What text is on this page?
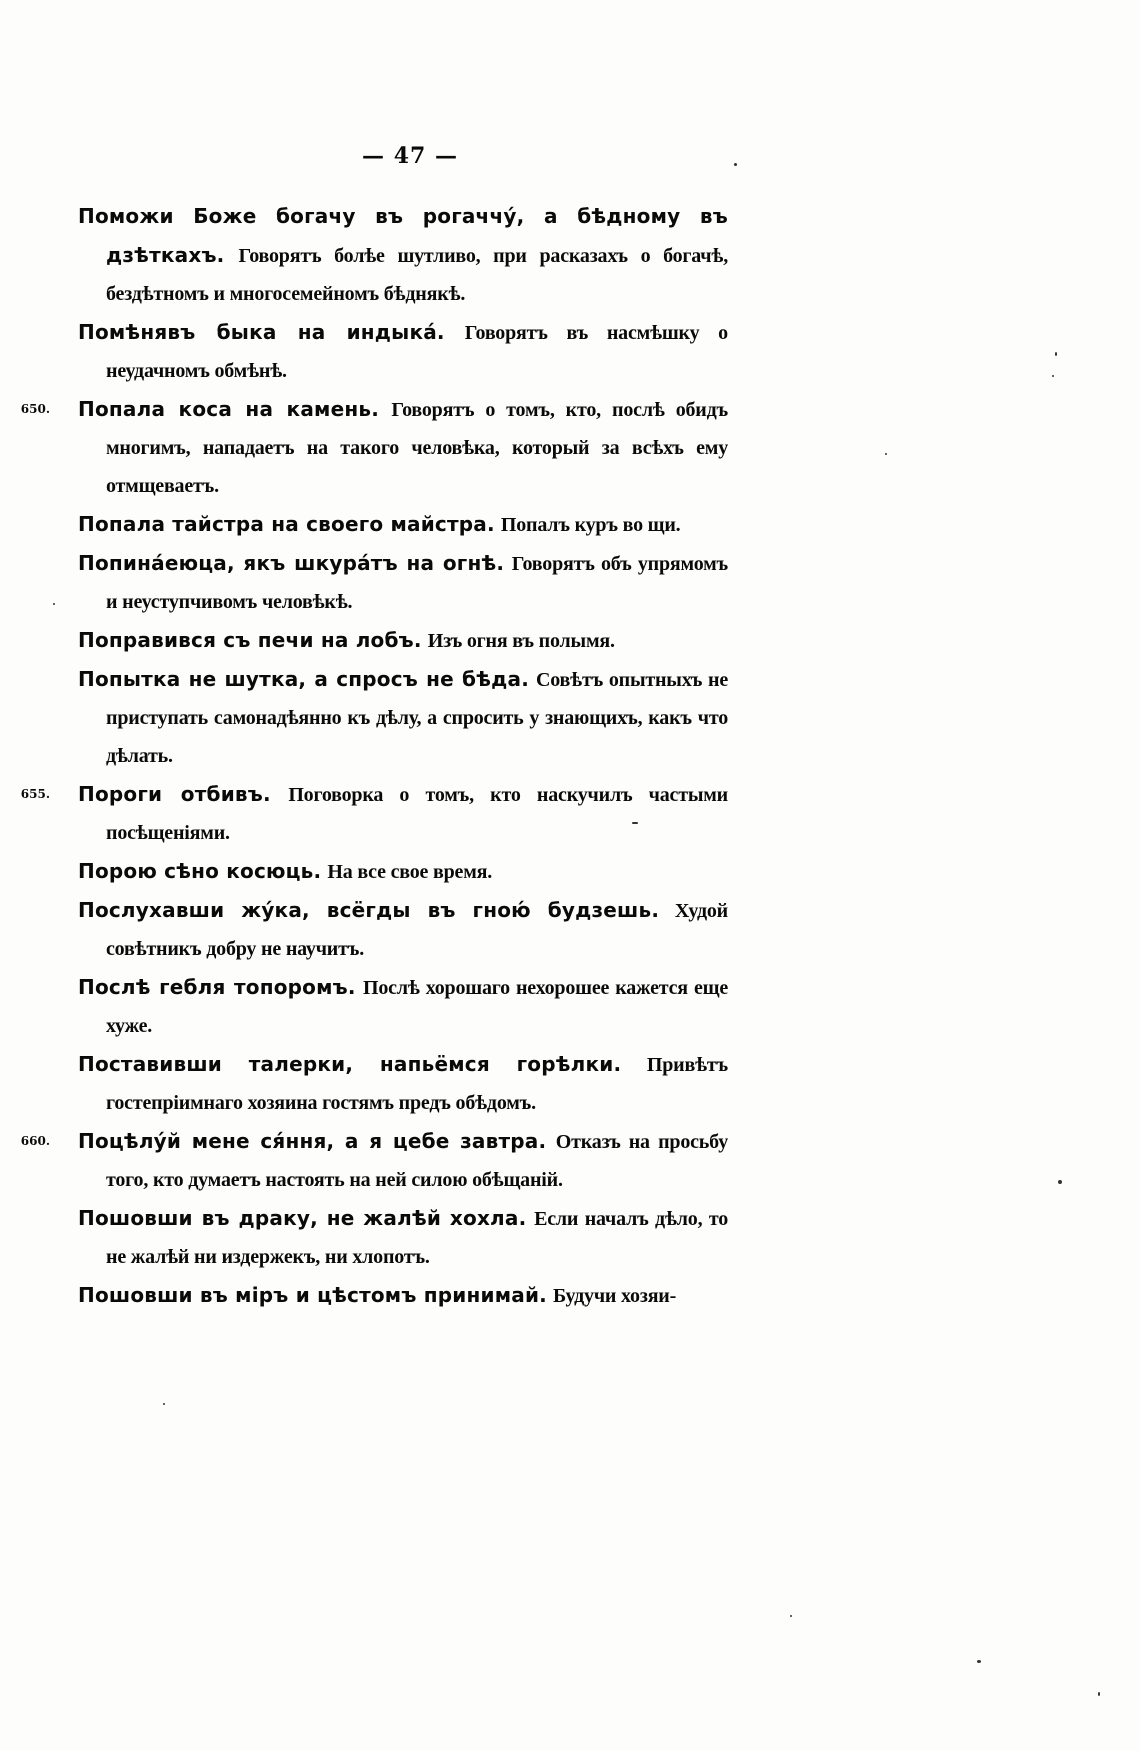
— 47 —

Поможи Боже богачу въ рогаччу́, а бѣдному въ дзѣткахъ. Говорятъ болѣе шутливо, при расказахъ о богачѣ, бездѣтномъ и многосемейномъ бѣднякѣ.

Помѣнявъ быка на индыка́. Говорятъ въ насмѣшку о неудачномъ обмѣнѣ.

650. Попала коса на камень. Говорятъ о томъ, кто, послѣ обидъ многимъ, нападаетъ на такого человѣка, который за всѣхъ ему отмщеваетъ.

Попала тайстра на своего майстра. Попалъ куръ во щи.

Попина́еюца, якъ шкура́тъ на огнѣ. Говорятъ объ упрямомъ и неуступчивомъ человѣкѣ.

Поправився съ печи на лобъ. Изъ огня въ полымя.

Попытка не шутка, а спросъ не бѣда. Совѣтъ опытныхъ не приступать самонадѣянно къ дѣлу, а спросить у знающихъ, какъ что дѣлать.

655. Пороги отбивъ. Поговорка о томъ, кто наскучилъ частыми посѣщеніями.

Порою сѣно косюць. На все свое время.

Послухавши жу́ка, всёгды въ гною́ будзешь. Худой совѣтникъ добру не научитъ.

Послѣ гебля топоромъ. Послѣ хорошаго нехорошее кажется еще хуже.

Поставивши талерки, напьёмся горѣлки. Привѣтъ гостепріимнаго хозяина гостямъ предъ обѣдомъ.

660. Поцѣлу́й мене ся́ння, а я цебе завтра. Отказъ на просьбу того, кто думаетъ настоять на ней силою обѣщаній.

Пошовши въ драку, не жалѣй хохла. Если началъ дѣло, то не жалѣй ни издержекъ, ни хлопотъ.

Пошовши въ міръ и цѣстомъ принимай. Будучи хозяи-
